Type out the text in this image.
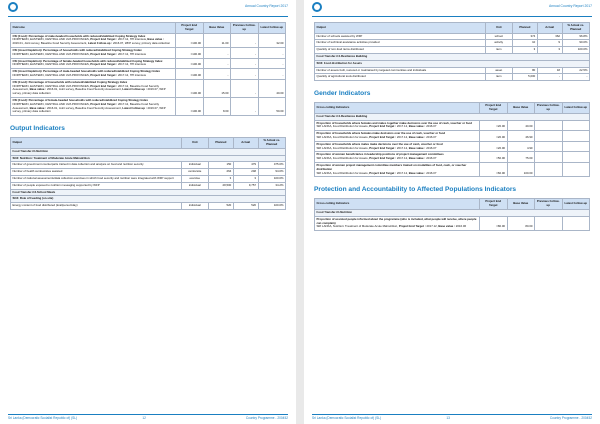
Annual Country Report 2017
Outcome	Project End Target	Base Value	Previous Follow-up	Latest Follow-up

CSI (Food): Percentage of male-headed households with reduced/stabilized Coping Strategy Index
NORTHERN, EASTERN, CENTRAL AND UVA PROVINCES, Project End Target : 2017.12, HH interview, Base value : 2016.01, Joint survey, Baseline Food Security Assessment, Latest Follow-up : 2016.07, WFP survey, primary data collection	=100.00	11.00	-	32.00

CSI (Asset Depletion): Percentage of households with reduced/stabilized Coping Strategy Index
NORTHERN, EASTERN, CENTRAL AND UVA PROVINCES, Project End Target : 2017.12, HH interview	=100.00	-	-	-

CSI (Asset Depletion): Percentage of female-headed households with reduced/stabilized Coping Strategy Index
NORTHERN, EASTERN, CENTRAL AND UVA PROVINCES, Project End Target : 2017.12, HH interview	=100.00	-	-	-

CSI (Asset Depletion): Percentage of male-headed households with reduced/stabilized Coping Strategy Index
NORTHERN, EASTERN, CENTRAL AND UVA PROVINCES, Project End Target : 2017.12, HH interview	=100.00	-	-	-

CSI (Food): Percentage of households with reduced/stabilized Coping Strategy Index
NORTHERN, EASTERN, CENTRAL AND UVA PROVINCES, Project End Target : 2017.12, Baseline Food Security Assessment, Base value : 2016.01, Joint survey, Baseline Food Security Assessment, Latest Follow-up : 2016.07, WFP survey, primary data collection	=100.00	15.00	-	40.00

CSI (Food): Percentage of female-headed households with reduced/stabilized Coping Strategy Index
NORTHERN, EASTERN, CENTRAL AND UVA PROVINCES, Project End Target : 2017.12, Baseline Food Security Assessment, Base value : 2016.01, Joint survey, Baseline Food Security Assessment, Latest Follow-up : 2016.07, WFP survey, primary data collection	=100.00	8.00	-	50.00
Output Indicators
Output	Unit	Planned	Actual	% Actual vs. Planned
Food Transfer-Cl-Nutrition				
SO2: Nutrition: Treatment of Moderate Acute Malnutrition				
Number of government counterparts trained in data collection and analysis on food and nutrition security	individual	150	479	475.0%
Number of health centres/sites assisted	centre/site	264	248	94.0%
Number of national assessments/data collection exercises in which food security and nutrition were integrated with WFP support	exercise	3	3	100.0%
Number of people exposed to nutrition messaging supported by WFP	individual	28,500	9,757	34.2%
Food Transfer-C3-School Meals				
SO4: Role of Feeding (on-site)				
Energy content of food distributed (kcal/person/day)	individual	520	520	100.0%
Sri Lanka (Democratic Socialist Republic of) (SL)	12	Country Programme - 200452
Annual Country Report 2017
Output	Unit	Planned	Actual	% Actual vs. Planned
Number of schools assisted by WFP	school	374	362	96.8%
Number of technical assistance activities provided	activity	10	9	90.0%
Quantity of non-food items distributed	item	3	3	100.0%
Food Transfer-C4-Resilience Building				
SO3: Food distribution for Assets				
Number of assets built, restored or maintained by targeted communities and individuals	asset	80	18	22.5%
Quantity of agricultural tools distributed	item	5,000	-	-
Gender Indicators
Cross-cutting Indicators	Project End Target	Base Value	Previous Follow-up	Latest Follow-up
Food Transfer-C4-Resilience Building				

Proportion of households where females and males together make decisions over the use of cash, voucher or food
SRI LANKA, Food Distribution for Assets, Project End Target : 2017.12, Base value : 2016.07	=20.00	40.00		

Proportion of households where females make decisions over the use of cash, voucher or food
SRI LANKA, Food Distribution for Assets, Project End Target : 2017.12, Base value : 2016.07	=20.00	46.90		

Proportion of households where males make decisions over the use of cash, voucher or food
SRI LANKA, Food Distribution for Assets, Project End Target : 2017.12, Base value : 2016.07	=20.00	4.90		

Proportion of women beneficiaries in leadership positions of project management committees
SRI LANKA, Food Distribution for Assets, Project End Target : 2017.12, Base value : 2016.07	=50.00	75.00		

Proportion of women project management committee members trained on modalities of food, cash, or voucher distribution
SRI LANKA, Food Distribution for Assets, Project End Target : 2017.12, Base value : 2016.07	=60.00	100.00		
Protection and Accountability to Affected Populations Indicators
Cross-cutting Indicators	Project End Target	Base Value	Previous Follow-up	Latest Follow-up
Food Transfer-Cl-Nutrition				

Proportion of assisted people informed about the programme (who is included, what people will receive, where people can complain)
SRI LANKA, Nutrition: Treatment of Moderate Acute Malnutrition, Project End Target : 2017.12, Base value : 2016.06	=80.00	80.00		
Sri Lanka (Democratic Socialist Republic of) (SL)	13	Country Programme - 200452
